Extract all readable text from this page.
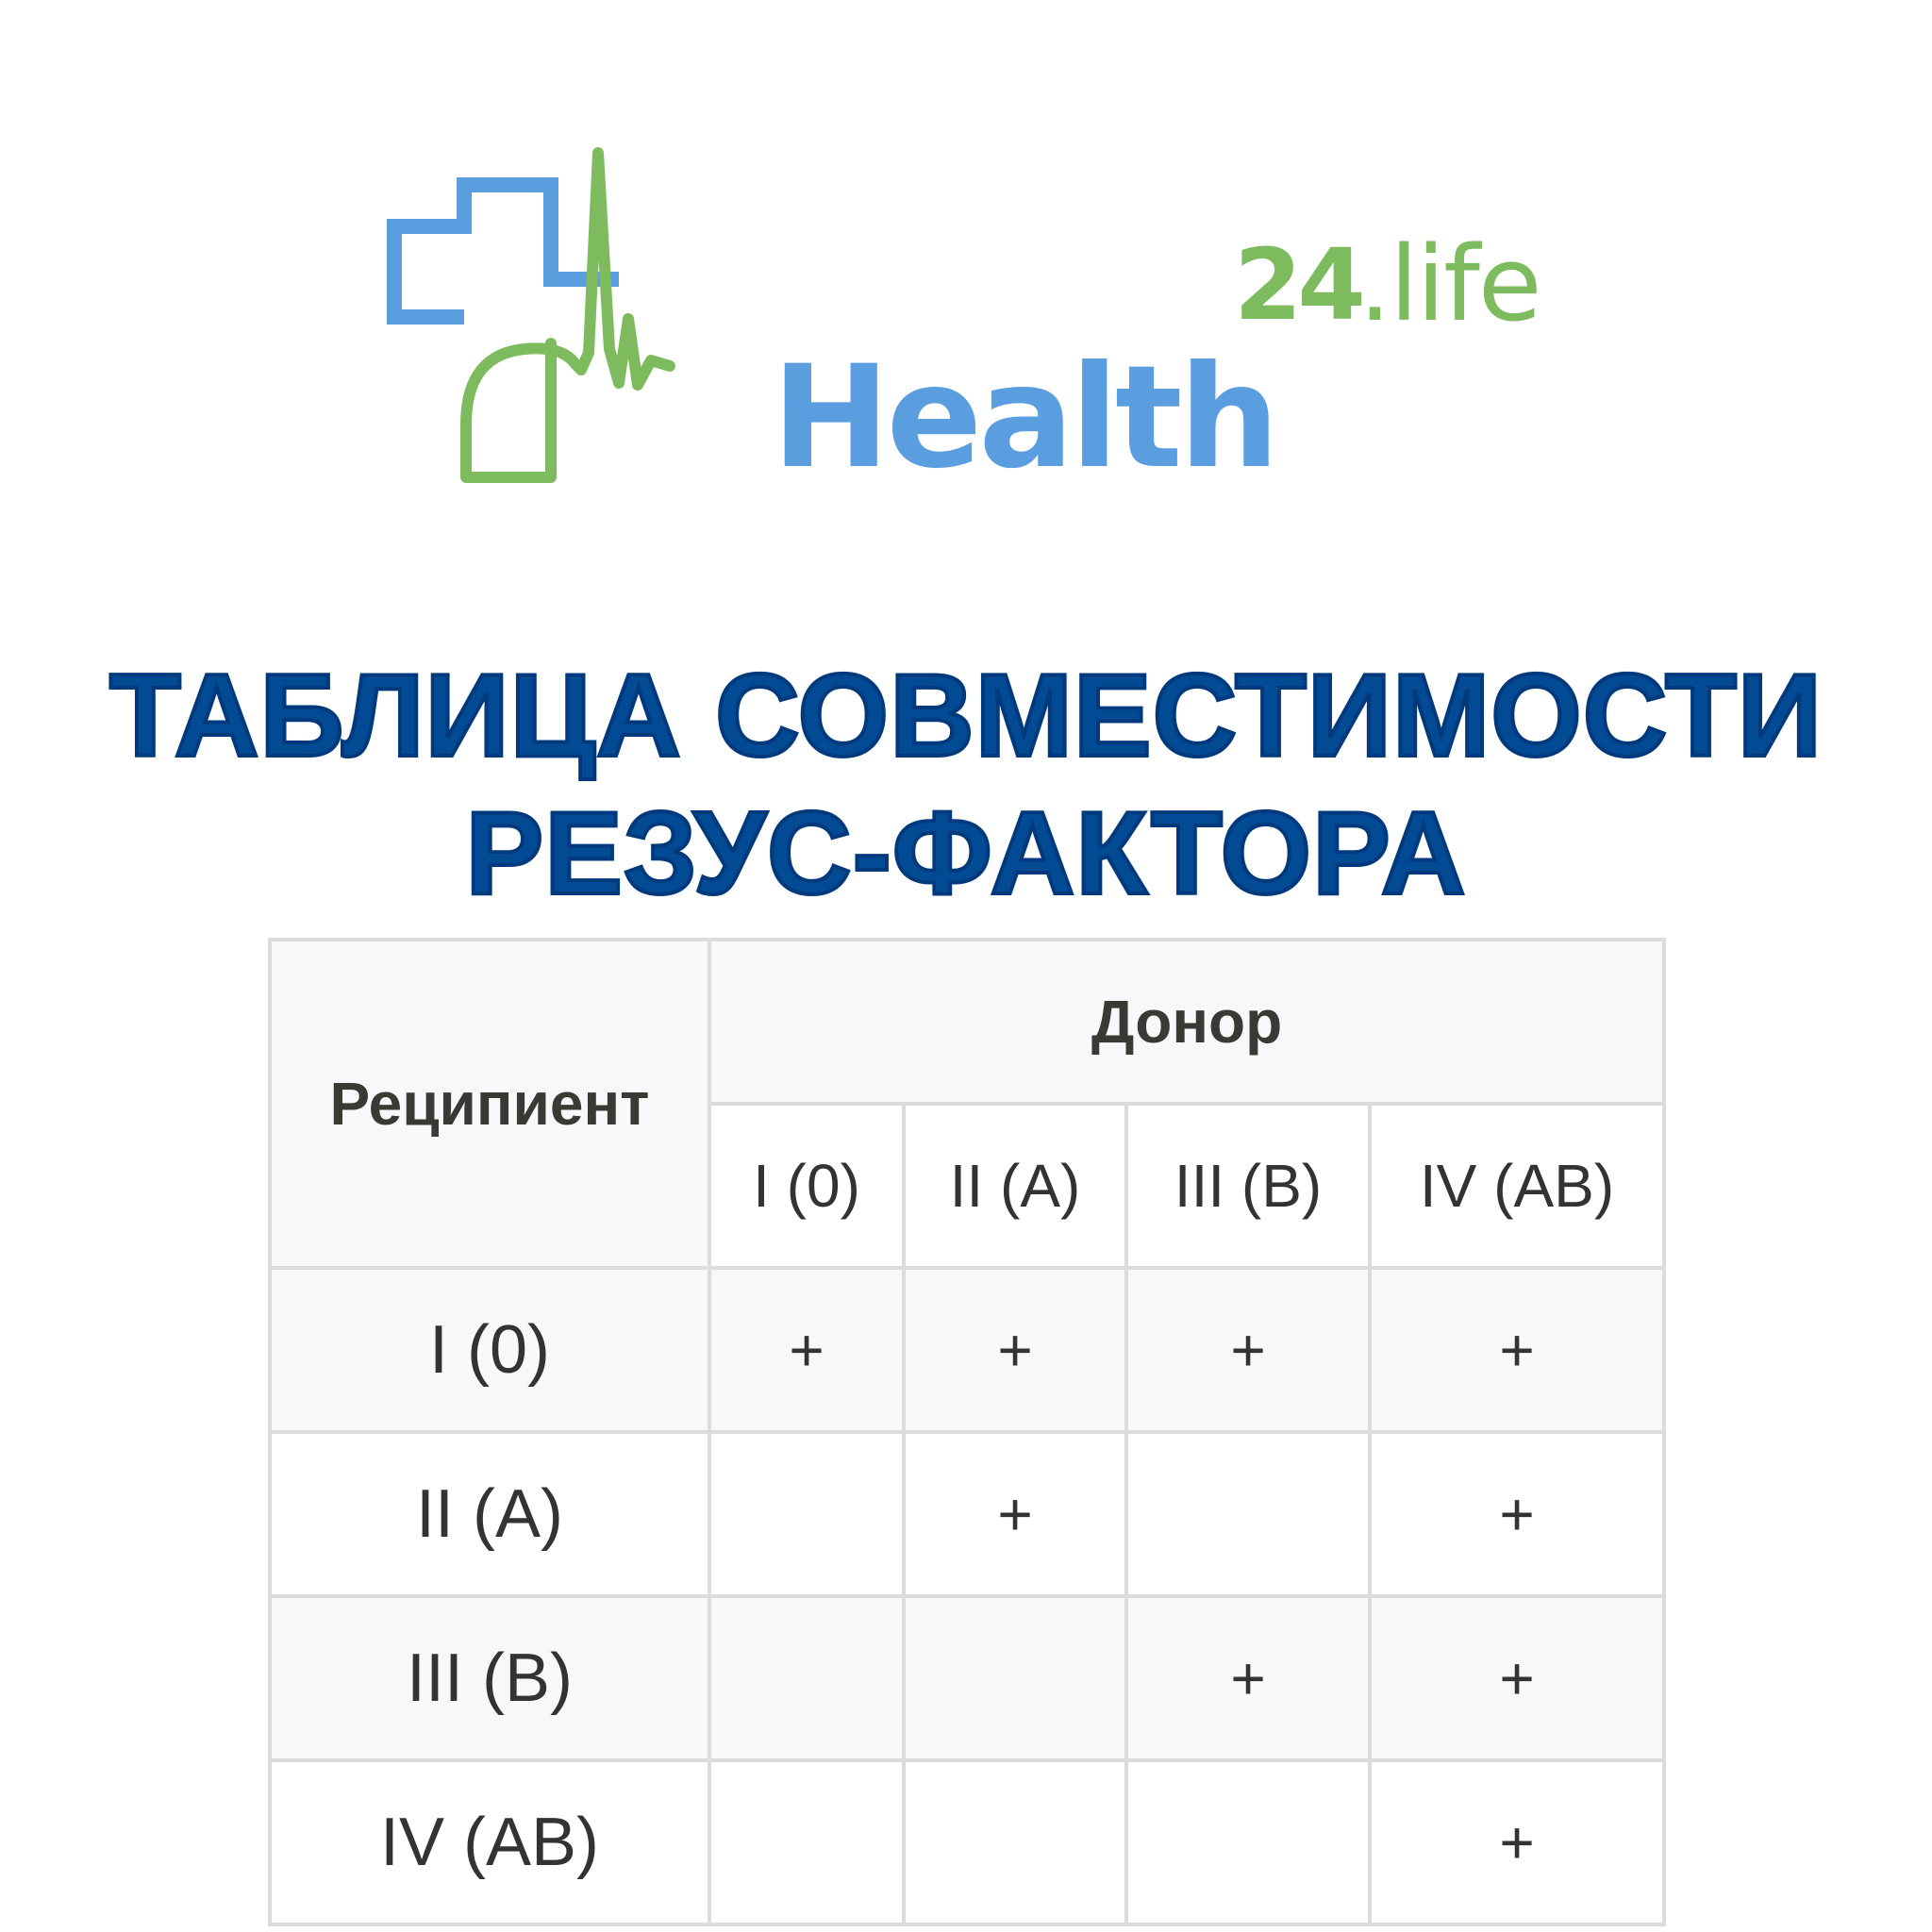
Health
24
.life
ТАБЛИЦА СОВМЕСТИМОСТИ
РЕЗУС-ФАКТОРА
Реципиент	Донор			
	I (0)	II (A)	III (B)	IV (AB)
I (0)	+	+	+	+
II (A)		+		+
III (B)			+	+
IV (AB)				+
